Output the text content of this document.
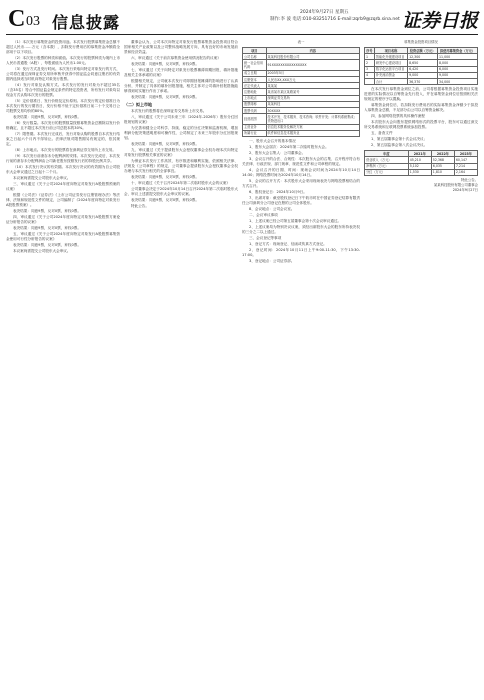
C 03 信息披露
2024年9月27日 星期五
制作:李 波 电话:010-83251716 E-mail:zqrb9@zqrb.sina.net 证券日报

（1）本次发行募集资金的投资用途。本次发行股票募集资金总额不超过人民币……万元（含本数），扣除发行费用后的募集资金净额将全部用于以下项目。

（2）本次发行股票的种类和面值。本次发行的股票种类为境内上市人民币普通股（A股），每股面值为人民币1.00元。

（3）发行方式及发行时间。本次发行采取向特定对象发行的方式，公司将在通过深圳证券交易所审核并获得中国证监会同意注册后的有效期内选择适当时机向特定对象发行股票。

（4）发行对象及认购方式。本次发行的发行对象为不超过35名（含35名）符合中国证监会规定条件的特定投资者，所有发行对象均以现金方式认购本次发行的股票。

（5）定价基准日、发行价格及定价原则。本次发行的定价基准日为本次发行的发行期首日，发行价格不低于定价基准日前二十个交易日公司股票交易均价的80%。

表决结果：同意9票，反对0票，弃权0票。

（6）发行数量。本次发行的股票数量按照募集资金总额除以发行价格确定，且不超过本次发行前公司总股本的30%。

（7）限售期。本次发行完成后，发行对象认购的股票自本次发行结束之日起六个月内不得转让。法律法规对限售期另有规定的，依其规定。

（8）上市地点。本次发行的股票将在深圳证券交易所上市交易。

（9）本次发行前滚存未分配利润的安排。本次发行完成后，本次发行前的滚存未分配利润由公司新老股东按照发行后的持股比例共享。

（10）本次发行决议的有效期。本次发行决议的有效期为自公司股东大会审议通过之日起十二个月。

本议案尚需提交公司股东大会审议。

三、审议通过《关于公司2024年度向特定对象发行A股股票预案的议案》

根据《公司法》《证券法》《上市公司证券发行注册管理办法》等法律、法规和规范性文件的规定，公司编制了《2024年度向特定对象发行A股股票预案》。

表决结果：同意9票，反对0票，弃权0票。

四、审议通过《关于公司2024年度向特定对象发行A股股票方案论证分析报告的议案》

表决结果：同意9票，反对0票，弃权0票。

五、审议通过《关于公司2024年度向特定对象发行A股股票募集资金使用可行性分析报告的议案》

表决结果：同意9票，反对0票，弃权0票。

本议案尚需提交公司股东大会审议。

董事会认为，公司本次向特定对象发行股票募集资金投资项目符合国家相关产业政策以及公司整体战略发展方向，具有良好的市场发展前景和经济效益。

六、审议通过《关于前次募集资金使用情况报告的议案》

表决结果：同意9票，反对0票，弃权0票。

七、审议通过《关于向特定对象发行股票摊薄即期回报、填补措施及相关主体承诺的议案》

根据相关规定，公司就本次发行对即期回报摊薄的影响进行了认真分析，并制定了具体的填补回报措施，相关主体对公司填补回报措施能够得到切实履行作出了承诺。

表决结果：同意9票，反对0票，弃权0票。

（二）拟上市地

本次发行的股票将在深圳证券交易所上市交易。

八、审议通过《关于公司未来三年（2024年-2026年）股东分红回报规划的议案》

为完善和健全公司科学、持续、稳定的分红决策和监督机制，增加利润分配决策透明度和可操作性，公司制定了未来三年股东分红回报规划。

表决结果：同意9票，反对0票，弃权0票。

九、审议通过《关于提请股东大会授权董事会全权办理本次向特定对象发行股票相关事宜的议案》

为保证本次发行工作高效、有序推进和顺利实施，依照相关法律、法规及《公司章程》的规定，公司董事会提请股东大会授权董事会全权办理与本次发行相关的全部事宜。

表决结果：同意9票，反对0票，弃权0票。

十、审议通过《关于召开2024年第二次临时股东大会的议案》

公司董事会决定于2024年10月14日召开2024年第二次临时股东大会，审议上述需提交股东大会审议的议案。

表决结果：同意9票，反对0票，弃权0票。

特此公告。

表一
项目	内容
公司名称	某某科技股份有限公司
统一社会信用代码	91XXXXXXXXXXXXXXXX
成立日期	2003年5月
注册资本	人民币XX,XXX万元
法定代表人	某某某
注册地址	某省某市某区某路某号
上市地点	深圳证券交易所
股票简称	某某科技
股票代码	30XXXX
经营范围	技术开发、技术服务、技术咨询；软件开发；计算机系统集成；货物进出口
主营业务	信息技术服务及解决方案
所属行业	软件和信息技术服务业

一、股东大会召开的基本情况

1、股东大会届次：2024年第二次临时股东大会。

2、股东大会召集人：公司董事会。

3、会议召开的合法、合规性：本次股东大会的召集、召开程序符合有关法律、行政法规、部门规章、规范性文件和公司章程的规定。

4、会议召开的日期、时间：现场会议时间为2024年10月14日14:30；网络投票时间为2024年10月14日。

5、会议的召开方式：本次股东大会采用现场表决与网络投票相结合的方式召开。

6、股权登记日：2024年10月9日。

7、出席对象：截至股权登记日下午收市时在中国证券登记结算有限责任公司深圳分公司登记在册的公司全体股东。

8、会议地点：公司会议室。

二、会议审议事项

1、上述议案已经公司第五届董事会第十次会议审议通过。

2、上述议案均为特别决议议案，须经出席股东大会的股东所持表决权的三分之二以上通过。

三、会议登记等事项

1、登记方式：现场登记、信函或传真方式登记。

2、登记时间：2024年10月11日上午9:00-11:30，下午13:30-17:00。

3、登记地点：公司证券部。

募集资金投资项目情况
序号	项目名称	投资总额（万元）	拟使用募集资金（万元）
1	智能化升级建设项目	12,300	11,000
2	研发中心建设项目	8,650	8,000
3	数字化运营平台项目	6,420	6,000
4	补充流动资金	9,000	9,000
	合计	36,370	34,000

在本次发行募集资金到位之前，公司将根据募集资金投资项目实施进度的实际情况以自筹资金先行投入，并在募集资金到位后按照相关法规规定的程序予以置换。

募集资金到位后，若扣除发行费用后的实际募集资金净额少于拟投入募集资金总额，不足部分由公司以自筹资金解决。

四、参加网络投票的具体操作流程

本次股东大会向股东提供网络形式的投票平台，股东可以通过深交所交易系统和互联网投票系统参加投票。

五、备查文件

1、第五届董事会第十次会议决议；

2、第五届监事会第八次会议决议。

年度	2021年	2022年	2023年
营业收入（万元）	45,210	52,368	60,147
净利润（万元）	5,102	6,035	7,214
分红（万元）	1,530	1,810	2,164

特此公告。

某某科技股份有限公司董事会

2024年9月27日
